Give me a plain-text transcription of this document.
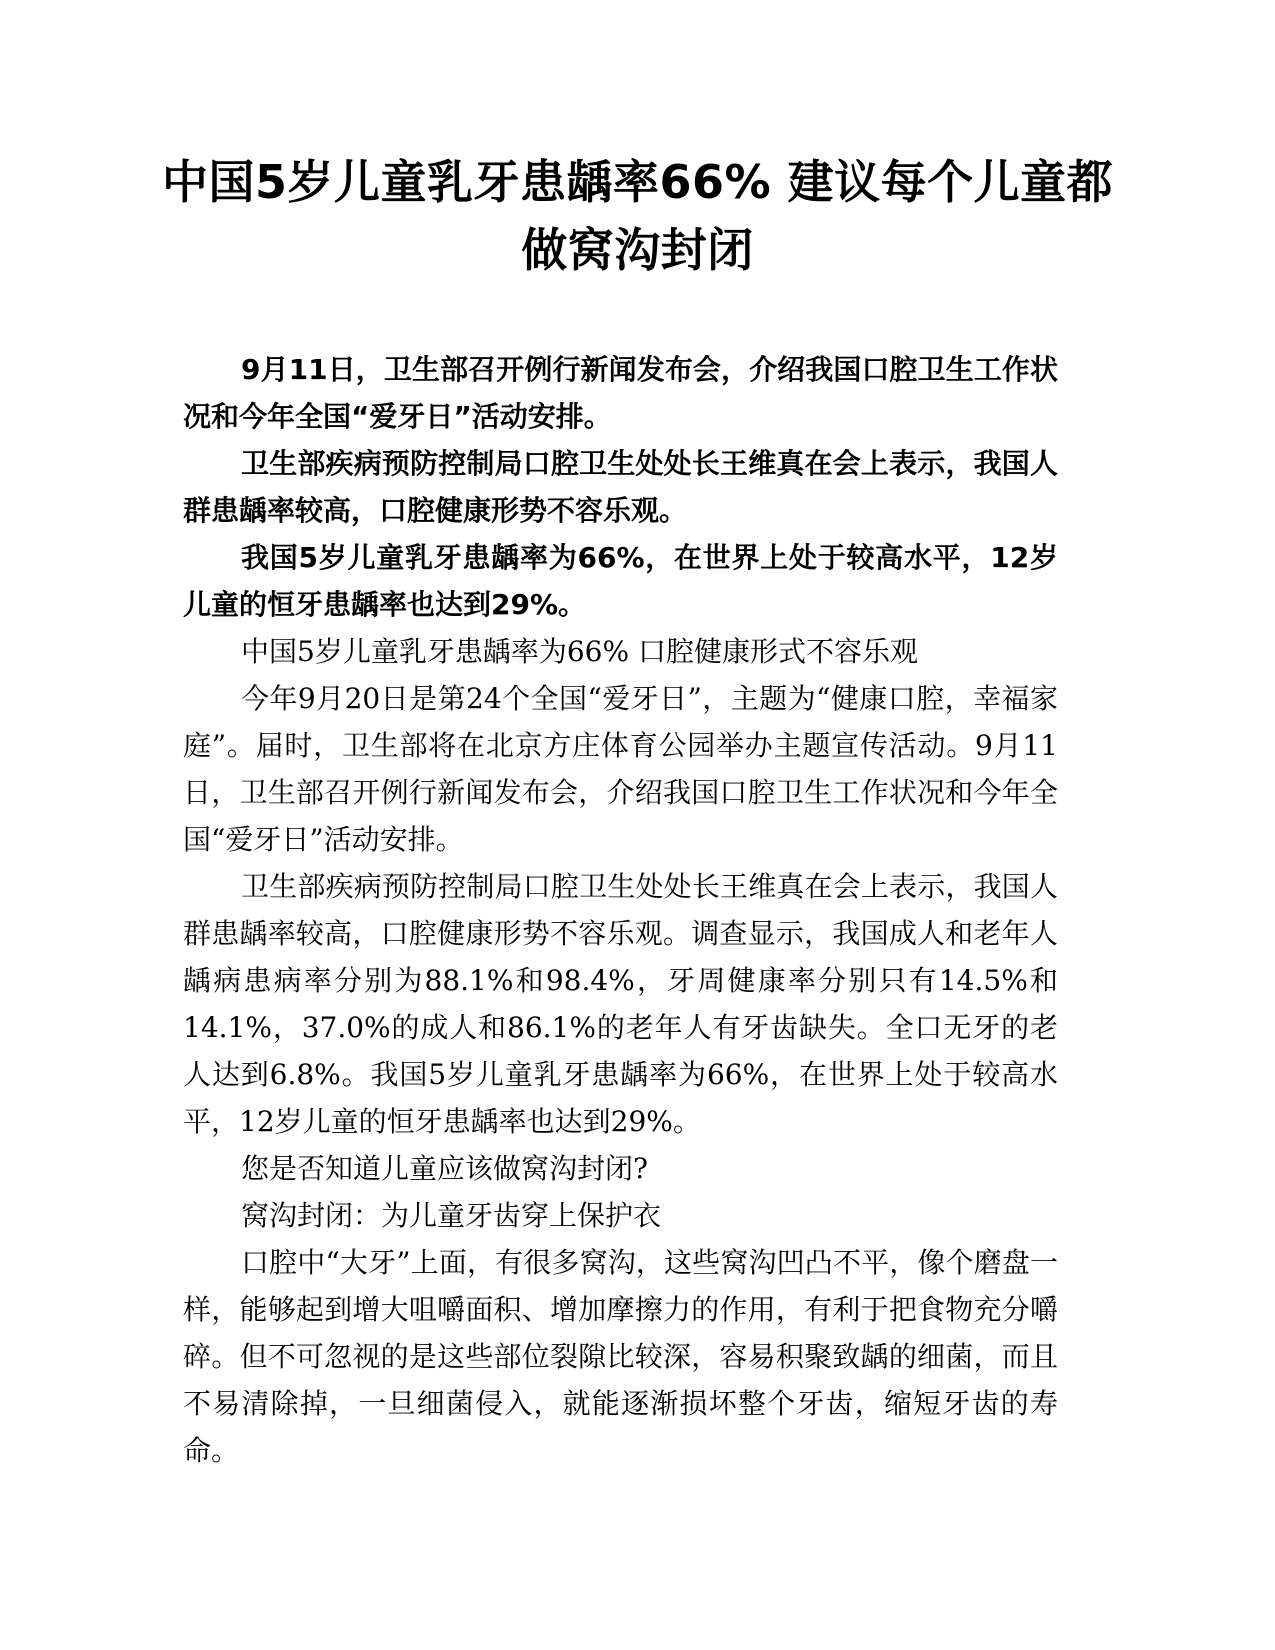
中国5岁儿童乳牙患龋率66% 建议每个儿童都做窝沟封闭

9月11日，卫生部召开例行新闻发布会，介绍我国口腔卫生工作状况和今年全国“爱牙日”活动安排。

卫生部疾病预防控制局口腔卫生处处长王维真在会上表示，我国人群患龋率较高，口腔健康形势不容乐观。

我国5岁儿童乳牙患龋率为66%，在世界上处于较高水平，12岁儿童的恒牙患龋率也达到29%。

中国5岁儿童乳牙患龋率为66% 口腔健康形式不容乐观

今年9月20日是第24个全国“爱牙日”，主题为“健康口腔，幸福家庭”。届时，卫生部将在北京方庄体育公园举办主题宣传活动。9月11日，卫生部召开例行新闻发布会，介绍我国口腔卫生工作状况和今年全国“爱牙日”活动安排。

卫生部疾病预防控制局口腔卫生处处长王维真在会上表示，我国人群患龋率较高，口腔健康形势不容乐观。调查显示，我国成人和老年人龋病患病率分别为88.1%和98.4%，牙周健康率分别只有14.5%和14.1%，37.0%的成人和86.1%的老年人有牙齿缺失。全口无牙的老人达到6.8%。我国5岁儿童乳牙患龋率为66%，在世界上处于较高水平，12岁儿童的恒牙患龋率也达到29%。

您是否知道儿童应该做窝沟封闭?

窝沟封闭：为儿童牙齿穿上保护衣

口腔中“大牙”上面，有很多窝沟，这些窝沟凹凸不平，像个磨盘一样，能够起到增大咀嚼面积、增加摩擦力的作用，有利于把食物充分嚼碎。但不可忽视的是这些部位裂隙比较深，容易积聚致龋的细菌，而且不易清除掉，一旦细菌侵入，就能逐渐损坏整个牙齿，缩短牙齿的寿命。
